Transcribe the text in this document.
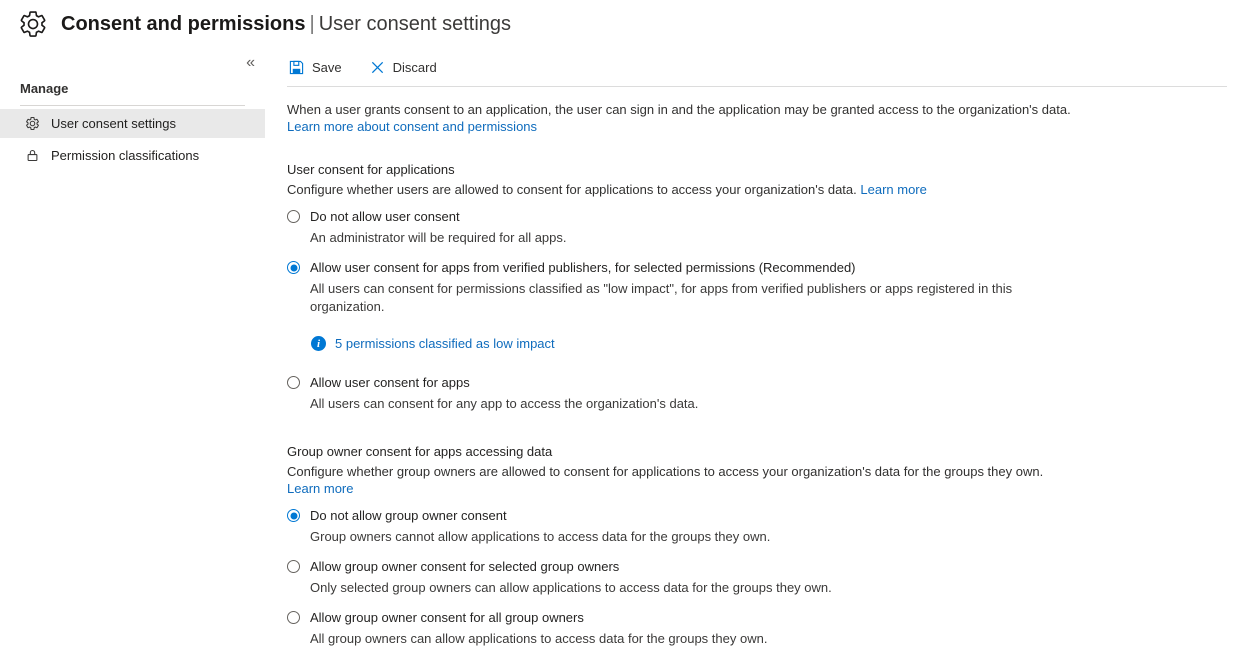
Consent and permissions | User consent settings
«
Manage
User consent settings
Permission classifications
Save	Discard

When a user grants consent to an application, the user can sign in and the application may be granted access to the organization's data.
Learn more about consent and permissions

User consent for applications
Configure whether users are allowed to consent for applications to access your organization's data. Learn more
Do not allow user consent
An administrator will be required for all apps.
Allow user consent for apps from verified publishers, for selected permissions (Recommended)
All users can consent for permissions classified as "low impact", for apps from verified publishers or apps registered in this organization.
i	5 permissions classified as low impact
Allow user consent for apps
All users can consent for any app to access the organization's data.
Group owner consent for apps accessing data
Configure whether group owners are allowed to consent for applications to access your organization's data for the groups they own.
Learn more
Do not allow group owner consent
Group owners cannot allow applications to access data for the groups they own.
Allow group owner consent for selected group owners
Only selected group owners can allow applications to access data for the groups they own.
Allow group owner consent for all group owners
All group owners can allow applications to access data for the groups they own.
